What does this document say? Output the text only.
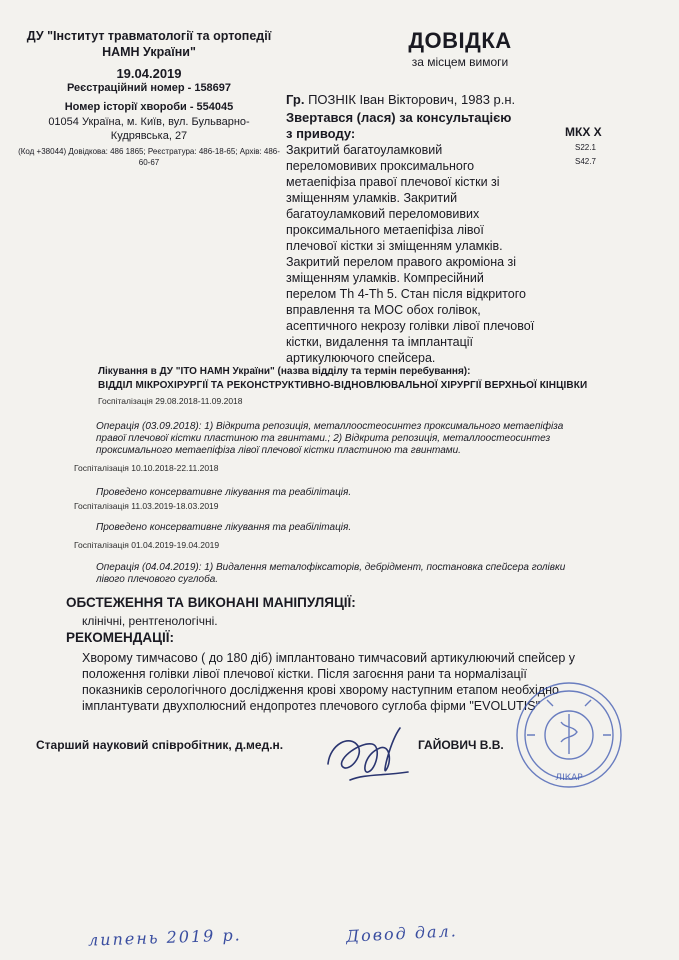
ДУ "Інститут травматології та ортопедії НАМН України"
19.04.2019
Реєстраційний номер - 158697
Номер історії хвороби - 554045
01054 Україна, м. Київ, вул. Бульварно-Кудрявська, 27
(Код +38044) Довідкова: 486 1865; Реєстратура: 486-18-65; Архів: 486-60-67
ДОВІДКА
за місцем вимоги
Гр. ПОЗНІК Іван Вікторович, 1983 р.н.
Звертався (лася) за консультацією
з приводу:	МКХ X
S22.1
S42.7
Закритий багатоуламковий
переломовивих проксимального
метаепіфіза правої плечової кістки зі
зміщенням уламків. Закритий
багатоуламковий переломовивих
проксимального метаепіфіза лівої
плечової кістки зі зміщенням уламків.
Закритий перелом правого акроміона зі
зміщенням уламків. Компресійний
перелом Th 4-Th 5. Стан після відкритого
вправлення та МОС обох голівок,
асептичного некрозу голівки лівої плечової
кістки, видалення та імплантації
артикулюючого спейсера.
Лікування в ДУ "ІТО НАМН України" (назва відділу та термін перебування):
ВІДДІЛ МІКРОХІРУРГІЇ ТА РЕКОНСТРУКТИВНО-ВІДНОВЛЮВАЛЬНОЇ ХІРУРГІЇ ВЕРХНЬОЇ КІНЦІВКИ
Госпіталізація 29.08.2018-11.09.2018
Операція (03.09.2018): 1) Відкрита репозиція, металлоостеосинтез проксимального метаепіфіза
правої плечової кістки пластиною та гвинтами.; 2) Відкрита репозиція, металлоостеосинтез
проксимального метаепіфіза лівої плечової кістки пластиною та гвинтами.
Госпіталізація 10.10.2018-22.11.2018
Проведено консервативне лікування та реабілітація.
Госпіталізація 11.03.2019-18.03.2019
Проведено консервативне лікування та реабілітація.
Госпіталізація 01.04.2019-19.04.2019
Операція (04.04.2019): 1) Видалення металофіксаторів, дебрідмент, постановка спейсера голівки
лівого плечового суглоба.
ОБСТЕЖЕННЯ ТА ВИКОНАНІ МАНІПУЛЯЦІЇ:
клінічні, рентгенологічні.
РЕКОМЕНДАЦІЇ:
Хворому тимчасово ( до 180 діб) імплантовано тимчасовий артикулюючий спейсер у
положення голівки лівої плечової кістки. Після загоєння рани та нормалізації
показників серологічного дослідження крові хворому наступним етапом необхідно
імплантувати двухполюсний ендопротез плечового суглоба фірми "EVOLUTIS"
ЛІКАР
Старший науковий співробітник, д.мед.н.	ГАЙОВИЧ В.В.
липень 2019 р.	Довод дал.
